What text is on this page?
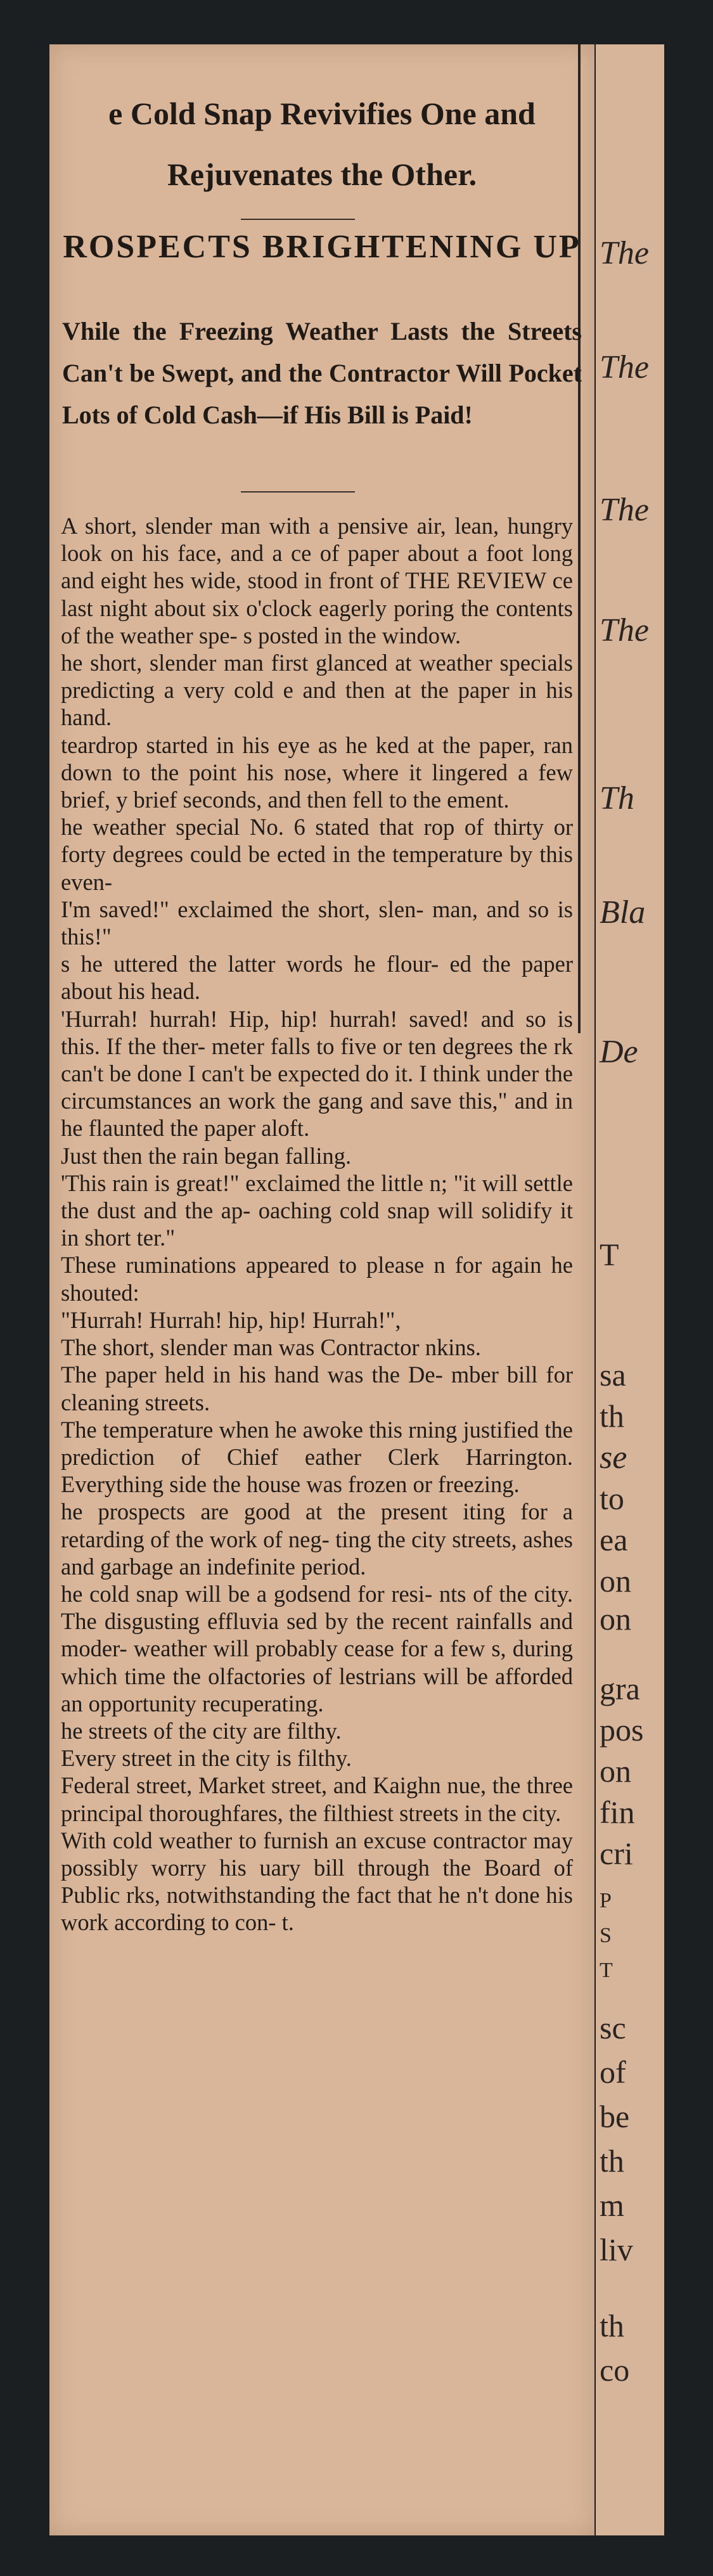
The
The
The
The
Th
Bla
De
T
sa
th
se
to
ea
on
on
gra
pos
on
fin
cri
P
S
T
sc
of
be
th
m
liv
th
co
e Cold Snap Revivifies One and
Rejuvenates the Other.
ROSPECTS BRIGHTENING UP
Vhile the Freezing Weather Lasts the Streets Can't be Swept, and the Contractor Will Pocket Lots of Cold Cash—if His Bill is Paid!

A short, slender man with a pensive air, lean, hungry look on his face, and a ce of paper about a foot long and eight hes wide, stood in front of THE REVIEW ce last night about six o'clock eagerly poring the contents of the weather spe- s posted in the window.

he short, slender man first glanced at weather specials predicting a very cold e and then at the paper in his hand.

teardrop started in his eye as he ked at the paper, ran down to the point his nose, where it lingered a few brief, y brief seconds, and then fell to the ement.

he weather special No. 6 stated that rop of thirty or forty degrees could be ected in the temperature by this even-

I'm saved!" exclaimed the short, slen- man, and so is this!"

s he uttered the latter words he flour- ed the paper about his head.

'Hurrah! hurrah! Hip, hip! hurrah! saved! and so is this. If the ther- meter falls to five or ten degrees the rk can't be done I can't be expected do it. I think under the circumstances an work the gang and save this," and in he flaunted the paper aloft.

Just then the rain began falling.

'This rain is great!" exclaimed the little n; "it will settle the dust and the ap- oaching cold snap will solidify it in short ter."

These ruminations appeared to please n for again he shouted:

"Hurrah! Hurrah! hip, hip! Hurrah!",

The short, slender man was Contractor nkins.

The paper held in his hand was the De- mber bill for cleaning streets.

The temperature when he awoke this rning justified the prediction of Chief eather Clerk Harrington. Everything side the house was frozen or freezing.

he prospects are good at the present iting for a retarding of the work of neg- ting the city streets, ashes and garbage an indefinite period.

he cold snap will be a godsend for resi- nts of the city. The disgusting effluvia sed by the recent rainfalls and moder- weather will probably cease for a few s, during which time the olfactories of lestrians will be afforded an opportunity recuperating.

he streets of the city are filthy.

Every street in the city is filthy.

Federal street, Market street, and Kaighn nue, the three principal thoroughfares, the filthiest streets in the city.

With cold weather to furnish an excuse contractor may possibly worry his uary bill through the Board of Public rks, notwithstanding the fact that he n't done his work according to con- t.
